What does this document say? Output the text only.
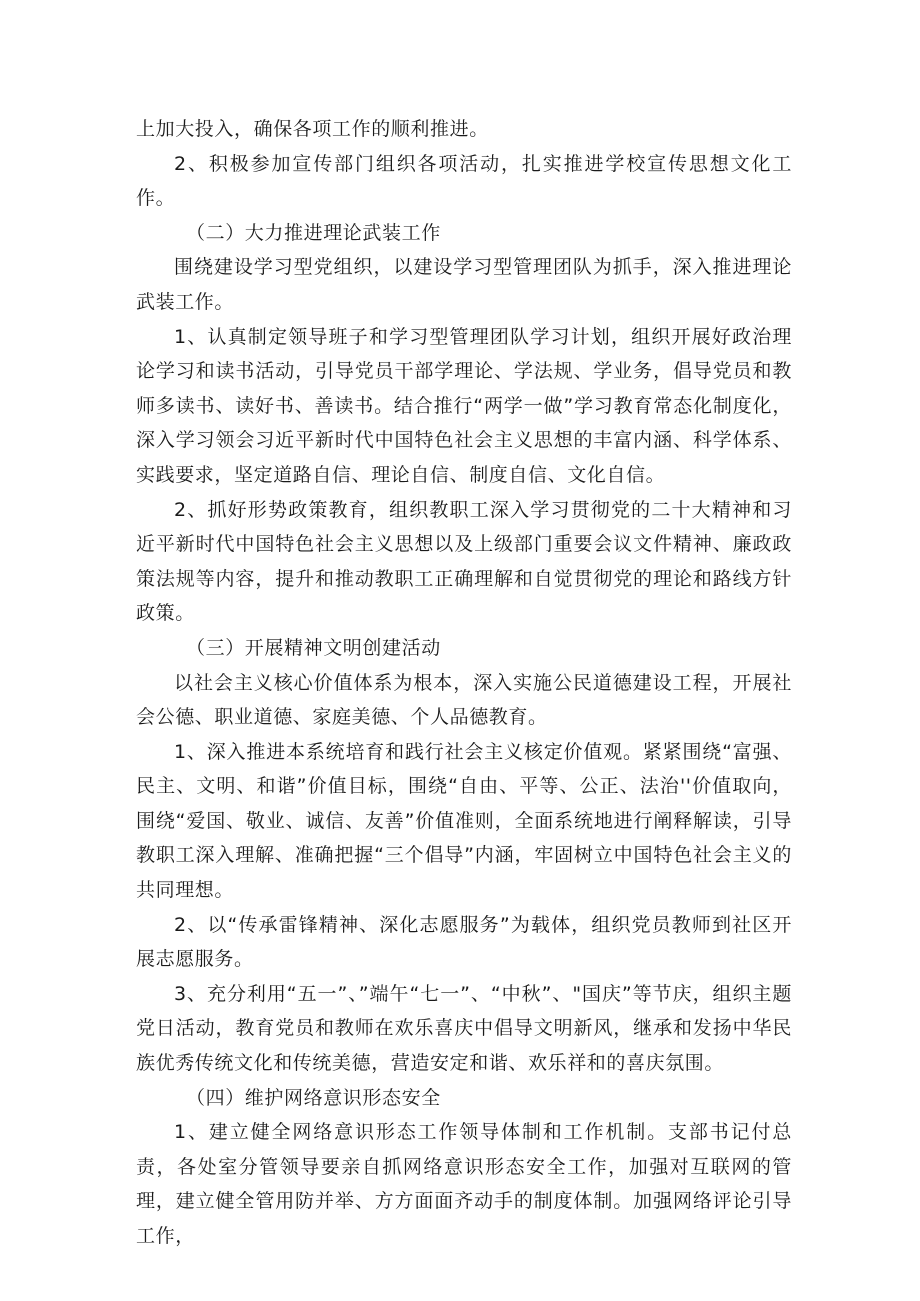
上加大投入，确保各项工作的顺利推进。

2、积极参加宣传部门组织各项活动，扎实推进学校宣传思想文化工作。

（二）大力推进理论武装工作

围绕建设学习型党组织，以建设学习型管理团队为抓手，深入推进理论武装工作。

1、认真制定领导班子和学习型管理团队学习计划，组织开展好政治理论学习和读书活动，引导党员干部学理论、学法规、学业务，倡导党员和教师多读书、读好书、善读书。结合推行“两学一做”学习教育常态化制度化，深入学习领会习近平新时代中国特色社会主义思想的丰富内涵、科学体系、实践要求，坚定道路自信、理论自信、制度自信、文化自信。

2、抓好形势政策教育，组织教职工深入学习贯彻党的二十大精神和习近平新时代中国特色社会主义思想以及上级部门重要会议文件精神、廉政政策法规等内容，提升和推动教职工正确理解和自觉贯彻党的理论和路线方针政策。

（三）开展精神文明创建活动

以社会主义核心价值体系为根本，深入实施公民道德建设工程，开展社会公德、职业道德、家庭美德、个人品德教育。

1、深入推进本系统培育和践行社会主义核定价值观。紧紧围绕“富强、民主、文明、和谐”价值目标，围绕“自由、平等、公正、法治''价值取向，围绕“爱国、敬业、诚信、友善”价值准则，全面系统地进行阐释解读，引导教职工深入理解、准确把握“三个倡导”内涵，牢固树立中国特色社会主义的共同理想。

2、以“传承雷锋精神、深化志愿服务”为载体，组织党员教师到社区开展志愿服务。

3、充分利用“五一”、”端午“七一”、“中秋”、"国庆”等节庆，组织主题党日活动，教育党员和教师在欢乐喜庆中倡导文明新风，继承和发扬中华民族优秀传统文化和传统美德，营造安定和谐、欢乐祥和的喜庆氛围。

（四）维护网络意识形态安全

1、建立健全网络意识形态工作领导体制和工作机制。支部书记付总责，各处室分管领导要亲自抓网络意识形态安全工作，加强对互联网的管理，建立健全管用防并举、方方面面齐动手的制度体制。加强网络评论引导工作，
